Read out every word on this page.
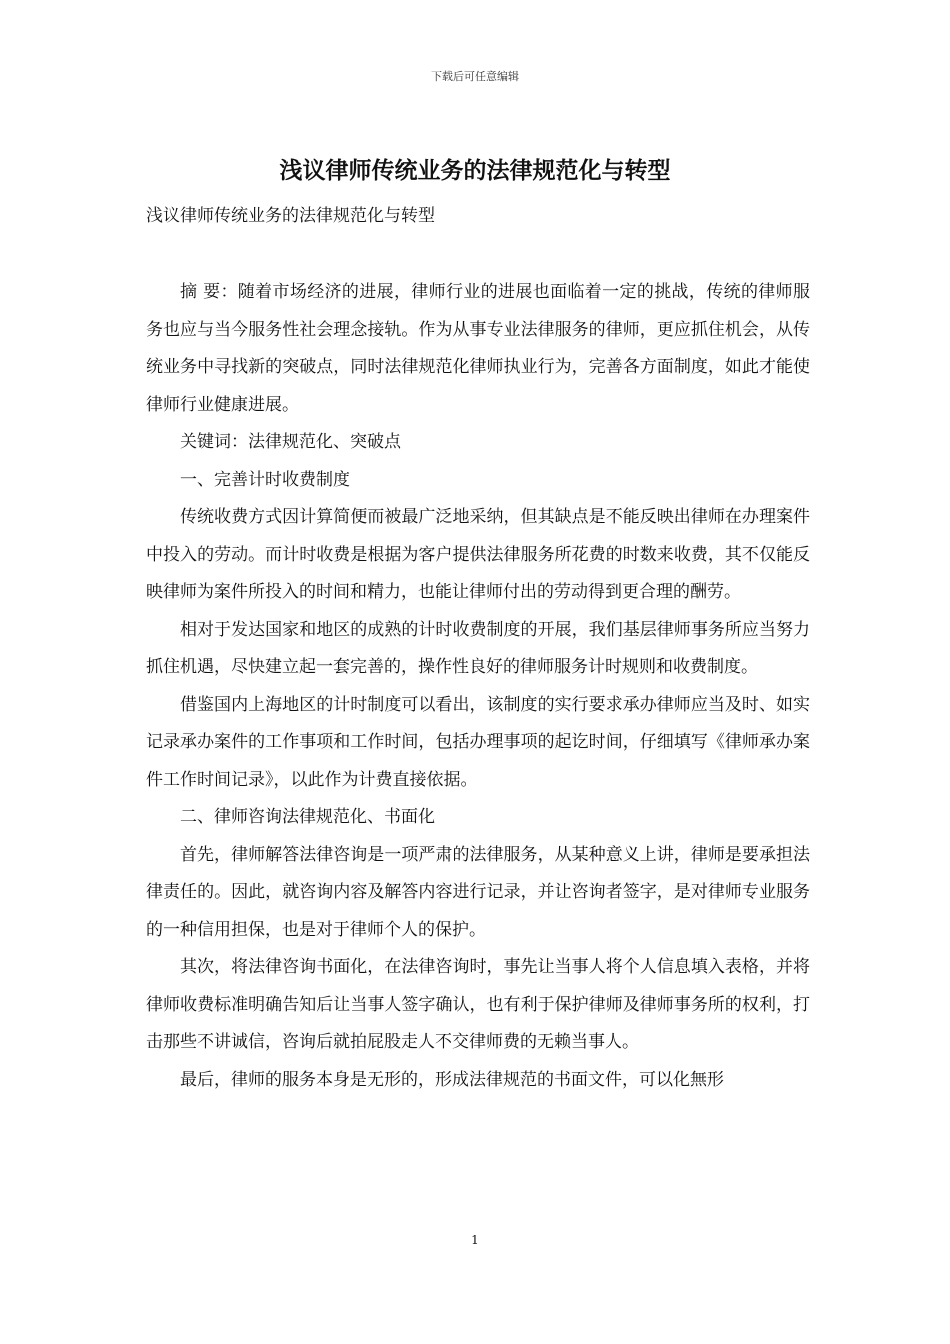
下载后可任意编辑
浅议律师传统业务的法律规范化与转型

浅议律师传统业务的法律规范化与转型

摘 要：随着市场经济的进展，律师行业的进展也面临着一定的挑战，传统的律师服务也应与当今服务性社会理念接轨。作为从事专业法律服务的律师，更应抓住机会，从传统业务中寻找新的突破点，同时法律规范化律师执业行为，完善各方面制度，如此才能使律师行业健康进展。

关键词：法律规范化、突破点

一、完善计时收费制度

传统收费方式因计算简便而被最广泛地采纳，但其缺点是不能反映出律师在办理案件中投入的劳动。而计时收费是根据为客户提供法律服务所花费的时数来收费，其不仅能反映律师为案件所投入的时间和精力，也能让律师付出的劳动得到更合理的酬劳。

相对于发达国家和地区的成熟的计时收费制度的开展，我们基层律师事务所应当努力抓住机遇，尽快建立起一套完善的，操作性良好的律师服务计时规则和收费制度。

借鉴国内上海地区的计时制度可以看出，该制度的实行要求承办律师应当及时、如实记录承办案件的工作事项和工作时间，包括办理事项的起讫时间，仔细填写《律师承办案件工作时间记录》，以此作为计费直接依据。

二、律师咨询法律规范化、书面化

首先，律师解答法律咨询是一项严肃的法律服务，从某种意义上讲，律师是要承担法律责任的。因此，就咨询内容及解答内容进行记录，并让咨询者签字，是对律师专业服务的一种信用担保，也是对于律师个人的保护。

其次，将法律咨询书面化，在法律咨询时，事先让当事人将个人信息填入表格，并将律师收费标准明确告知后让当事人签字确认，也有利于保护律师及律师事务所的权利，打击那些不讲诚信，咨询后就拍屁股走人不交律师费的无赖当事人。

最后，律师的服务本身是无形的，形成法律规范的书面文件，可以化無形

1
